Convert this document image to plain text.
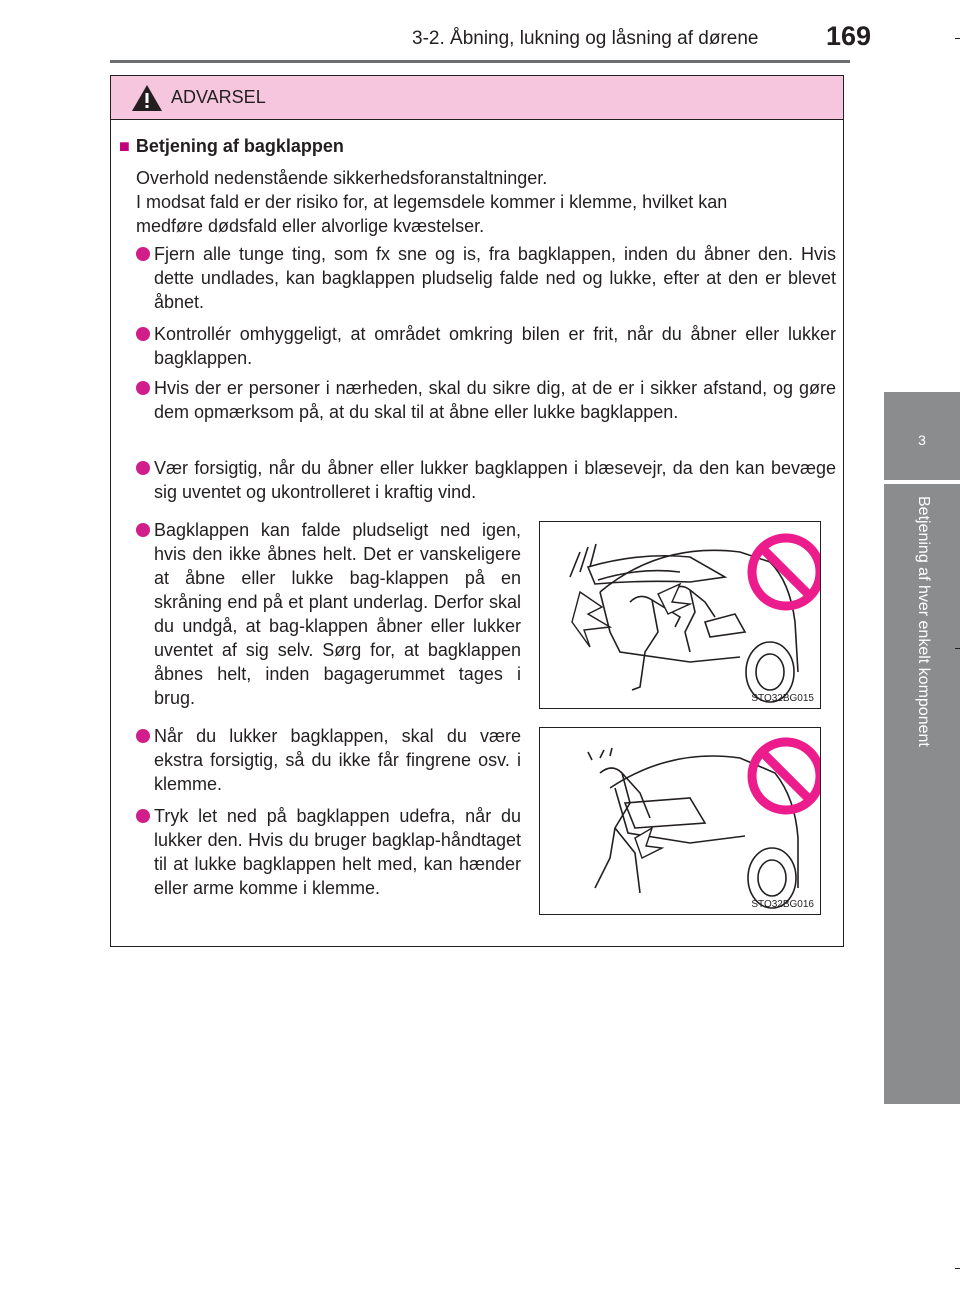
3-2. Åbning, lukning og låsning af dørene	169
3
Betjening af hver enkelt komponent
ADVARSEL
■ Betjening af bagklappen
Overhold nedenstående sikkerhedsforanstaltninger.
I modsat fald er der risiko for, at legemsdele kommer i klemme, hvilket kan
medføre dødsfald eller alvorlige kvæstelser.
Fjern alle tunge ting, som fx sne og is, fra bagklappen, inden du åbner den. Hvis dette undlades, kan bagklappen pludselig falde ned og lukke, efter at den er blevet åbnet.
Kontrollér omhyggeligt, at området omkring bilen er frit, når du åbner eller lukker bagklappen.
Hvis der er personer i nærheden, skal du sikre dig, at de er i sikker afstand, og gøre dem opmærksom på, at du skal til at åbne eller lukke bagklappen.
Vær forsigtig, når du åbner eller lukker bagklappen i blæsevejr, da den kan bevæge sig uventet og ukontrolleret i kraftig vind.
Bagklappen kan falde pludseligt ned igen, hvis den ikke åbnes helt. Det er vanskeligere at åbne eller lukke bag-klappen på en skråning end på et plant underlag. Derfor skal du undgå, at bag-klappen åbner eller lukker uventet af sig selv. Sørg for, at bagklappen åbnes helt, inden bagagerummet tages i brug.
Når du lukker bagklappen, skal du være ekstra forsigtig, så du ikke får fingrene osv. i klemme.
Tryk let ned på bagklappen udefra, når du lukker den. Hvis du bruger bagklap-håndtaget til at lukke bagklappen helt med, kan hænder eller arme komme i klemme.
STO32BG015
STO32BG016
